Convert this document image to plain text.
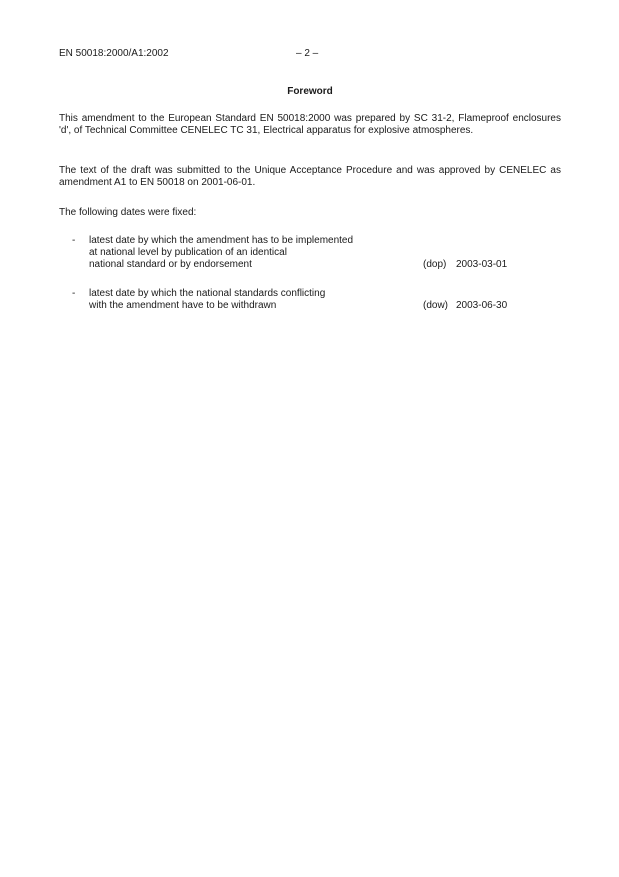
EN 50018:2000/A1:2002	– 2 –
Foreword
This amendment to the European Standard EN 50018:2000 was prepared by SC 31-2, Flameproof enclosures 'd', of Technical Committee CENELEC TC 31, Electrical apparatus for explosive atmospheres.
The text of the draft was submitted to the Unique Acceptance Procedure and was approved by CENELEC as amendment A1 to EN 50018 on 2001-06-01.
The following dates were fixed:
- latest date by which the amendment has to be implemented
at national level by publication of an identical
national standard or by endorsement	(dop) 2003-03-01
- latest date by which the national standards conflicting
with the amendment have to be withdrawn	(dow) 2003-06-30
